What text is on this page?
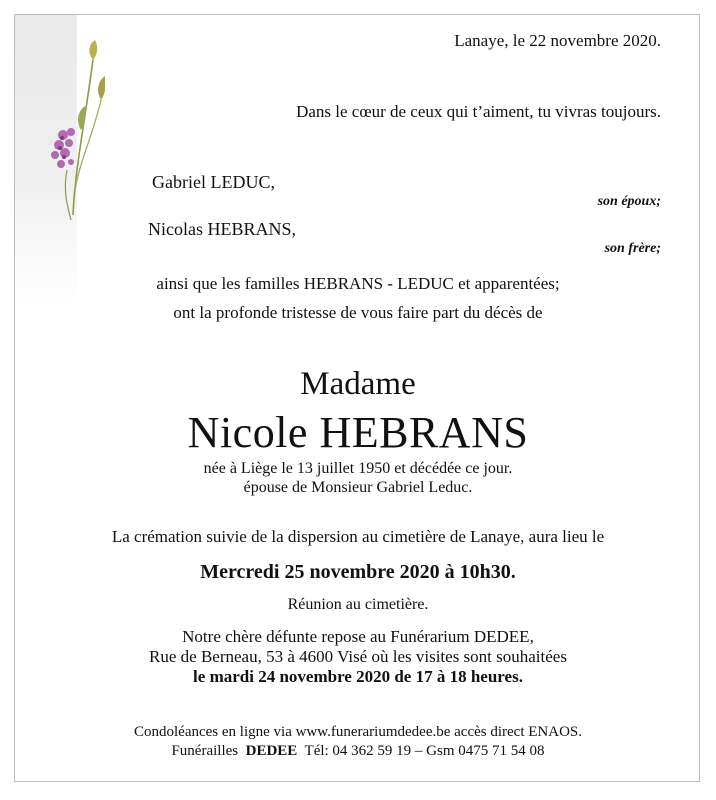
Lanaye, le 22 novembre 2020.
Dans le cœur de ceux qui t’aiment, tu vivras toujours.
Gabriel LEDUC,
son époux;
Nicolas HEBRANS,
son frère;
ainsi que les familles HEBRANS - LEDUC et apparentées;
ont la profonde tristesse de vous faire part du décès de
Madame
Nicole HEBRANS
née à Liège le 13 juillet 1950 et décédée ce jour.
épouse de Monsieur Gabriel Leduc.
La crémation suivie de la dispersion au cimetière de Lanaye, aura lieu le
Mercredi 25 novembre 2020 à 10h30.
Réunion au cimetière.
Notre chère défunte repose au Funérarium DEDEE,
Rue de Berneau, 53 à 4600 Visé où les visites sont souhaitées
le mardi 24 novembre 2020 de 17 à 18 heures.
Condoléances en ligne via www.funerariumdedee.be accès direct ENAOS.
Funérailles DEDEE Tél: 04 362 59 19 – Gsm 0475 71 54 08
